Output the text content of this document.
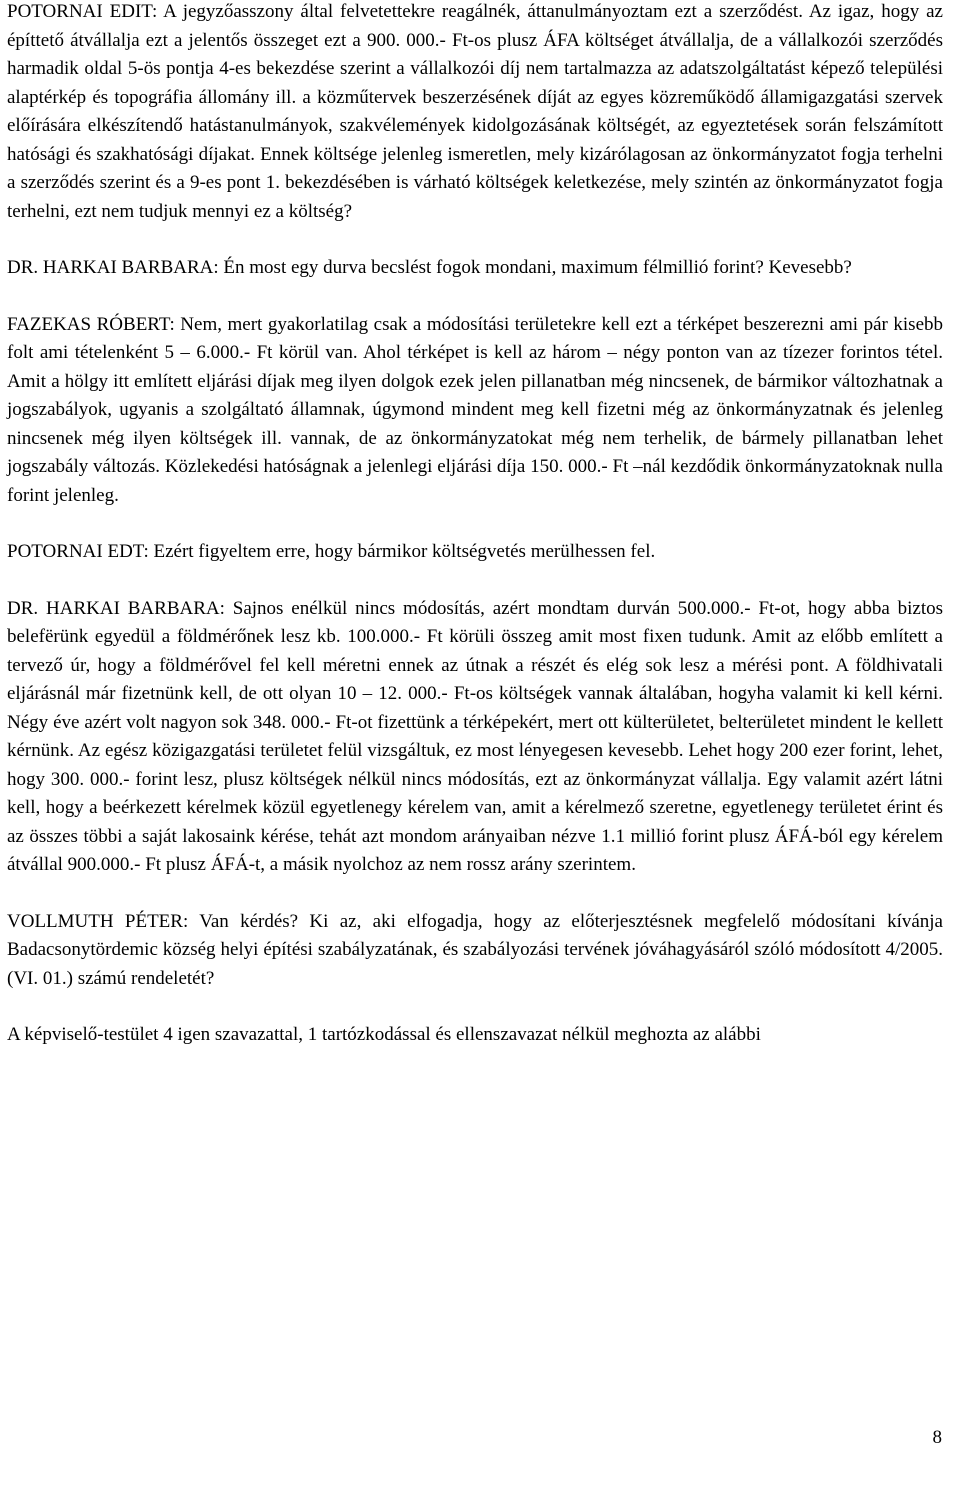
POTORNAI EDIT: A jegyzőasszony által felvetettekre reagálnék, áttanulmányoztam ezt a szerződést. Az igaz, hogy az építtető átvállalja ezt a jelentős összeget ezt a 900. 000.- Ft-os plusz ÁFA költséget átvállalja, de a vállalkozói szerződés harmadik oldal 5-ös pontja 4-es bekezdése szerint a vállalkozói díj nem tartalmazza az adatszolgáltatást képező települési alaptérkép és topográfia állomány ill. a közműtervek beszerzésének díját az egyes közreműködő államigazgatási szervek előírására elkészítendő hatástanulmányok, szakvélemények kidolgozásának költségét, az egyeztetések során felszámított hatósági és szakhatósági díjakat. Ennek költsége jelenleg ismeretlen, mely kizárólagosan az önkormányzatot fogja terhelni a szerződés szerint és a 9-es pont 1. bekezdésében is várható költségek keletkezése, mely szintén az önkormányzatot fogja terhelni, ezt nem tudjuk mennyi ez a költség?

DR. HARKAI BARBARA: Én most egy durva becslést fogok mondani, maximum félmillió forint? Kevesebb?

FAZEKAS RÓBERT: Nem, mert gyakorlatilag csak a módosítási területekre kell ezt a térképet beszerezni ami pár kisebb folt ami tételenként 5 – 6.000.- Ft körül van. Ahol térképet is kell az három – négy ponton van az tízezer forintos tétel. Amit a hölgy itt említett eljárási díjak meg ilyen dolgok ezek jelen pillanatban még nincsenek, de bármikor változhatnak a jogszabályok, ugyanis a szolgáltató államnak, úgymond mindent meg kell fizetni még az önkormányzatnak és jelenleg nincsenek még ilyen költségek ill. vannak, de az önkormányzatokat még nem terhelik, de bármely pillanatban lehet jogszabály változás. Közlekedési hatóságnak a jelenlegi eljárási díja 150. 000.- Ft –nál kezdődik önkormányzatoknak nulla forint jelenleg.

POTORNAI EDT: Ezért figyeltem erre, hogy bármikor költségvetés merülhessen fel.

DR. HARKAI BARBARA: Sajnos enélkül nincs módosítás, azért mondtam durván 500.000.- Ft-ot, hogy abba biztos belefërünk egyedül a földmérőnek lesz kb. 100.000.- Ft körüli összeg amit most fixen tudunk. Amit az előbb említett a tervező úr, hogy a földmérővel fel kell méretni ennek az útnak a részét és elég sok lesz a mérési pont. A földhivatali eljárásnál már fizetnünk kell, de ott olyan 10 – 12. 000.- Ft-os költségek vannak általában, hogyha valamit ki kell kérni. Négy éve azért volt nagyon sok 348. 000.- Ft-ot fizettünk a térképekért, mert ott külterületet, belterületet mindent le kellett kérnünk. Az egész közigazgatási területet felül vizsgáltuk, ez most lényegesen kevesebb. Lehet hogy 200 ezer forint, lehet, hogy 300. 000.- forint lesz, plusz költségek nélkül nincs módosítás, ezt az önkormányzat vállalja. Egy valamit azért látni kell, hogy a beérkezett kérelmek közül egyetlenegy kérelem van, amit a kérelmező szeretne, egyetlenegy területet érint és az összes többi a saját lakosaink kérése, tehát azt mondom arányaiban nézve 1.1 millió forint plusz ÁFÁ-ból egy kérelem átvállal 900.000.- Ft plusz ÁFÁ-t, a másik nyolchoz az nem rossz arány szerintem.

VOLLMUTH PÉTER: Van kérdés? Ki az, aki elfogadja, hogy az előterjesztésnek megfelelő módosítani kívánja Badacsonytördemic község helyi építési szabályzatának, és szabályozási tervének jóváhagyásáról szóló módosított 4/2005. (VI. 01.) számú rendeletét?

A képviselő-testület 4 igen szavazattal, 1 tartózkodással és ellenszavazat nélkül meghozta az alábbi

8
